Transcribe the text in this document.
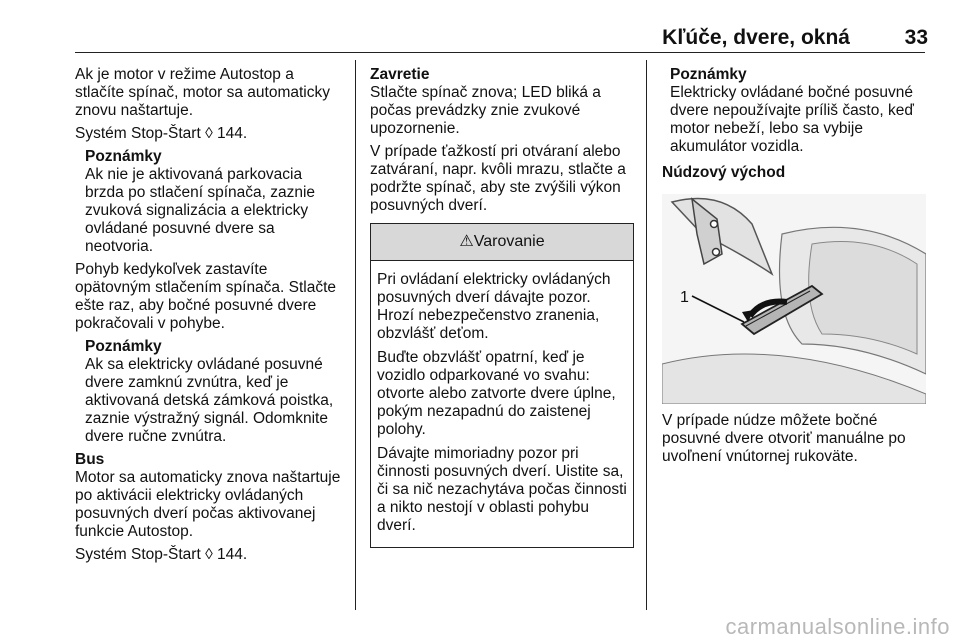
Kľúče, dvere, okná	33

Ak je motor v režime Autostop a stlačíte spínač, motor sa automaticky znovu naštartuje.

Systém Stop-Štart ◊ 144.

Poznámky
Ak nie je aktivovaná parkovacia brzda po stlačení spínača, zaznie zvuková signalizácia a elektricky ovládané posuvné dvere sa neotvoria.

Pohyb kedykoľvek zastavíte opätovným stlačením spínača. Stlačte ešte raz, aby bočné posuvné dvere pokračovali v pohybe.

Poznámky
Ak sa elektricky ovládané posuvné dvere zamknú zvnútra, keď je aktivovaná detská zámková poistka, zaznie výstražný signál. Odomknite dvere ručne zvnútra.

Bus
Motor sa automaticky znova naštartuje po aktivácii elektricky ovládaných posuvných dverí počas aktivovanej funkcie Autostop.

Systém Stop-Štart ◊ 144.

Zavretie
Stlačte spínač znova; LED bliká a počas prevádzky znie zvukové upozornenie.

V prípade ťažkostí pri otváraní alebo zatváraní, napr. kvôli mrazu, stlačte a podržte spínač, aby ste zvýšili výkon posuvných dverí.

⚠Varovanie

Pri ovládaní elektricky ovládaných posuvných dverí dávajte pozor. Hrozí nebezpečenstvo zranenia, obzvlášť deťom.

Buďte obzvlášť opatrní, keď je vozidlo odparkované vo svahu: otvorte alebo zatvorte dvere úplne, pokým nezapadnú do zaistenej polohy.

Dávajte mimoriadny pozor pri činnosti posuvných dverí. Uistite sa, či sa nič nezachytáva počas činnosti a nikto nestojí v oblasti pohybu dverí.

Poznámky
Elektricky ovládané bočné posuvné dvere nepoužívajte príliš často, keď motor nebeží, lebo sa vybije akumulátor vozidla.

Núdzový východ

1

V prípade núdze môžete bočné posuvné dvere otvoriť manuálne po uvoľnení vnútornej rukoväte.

carmanualsonline.info
